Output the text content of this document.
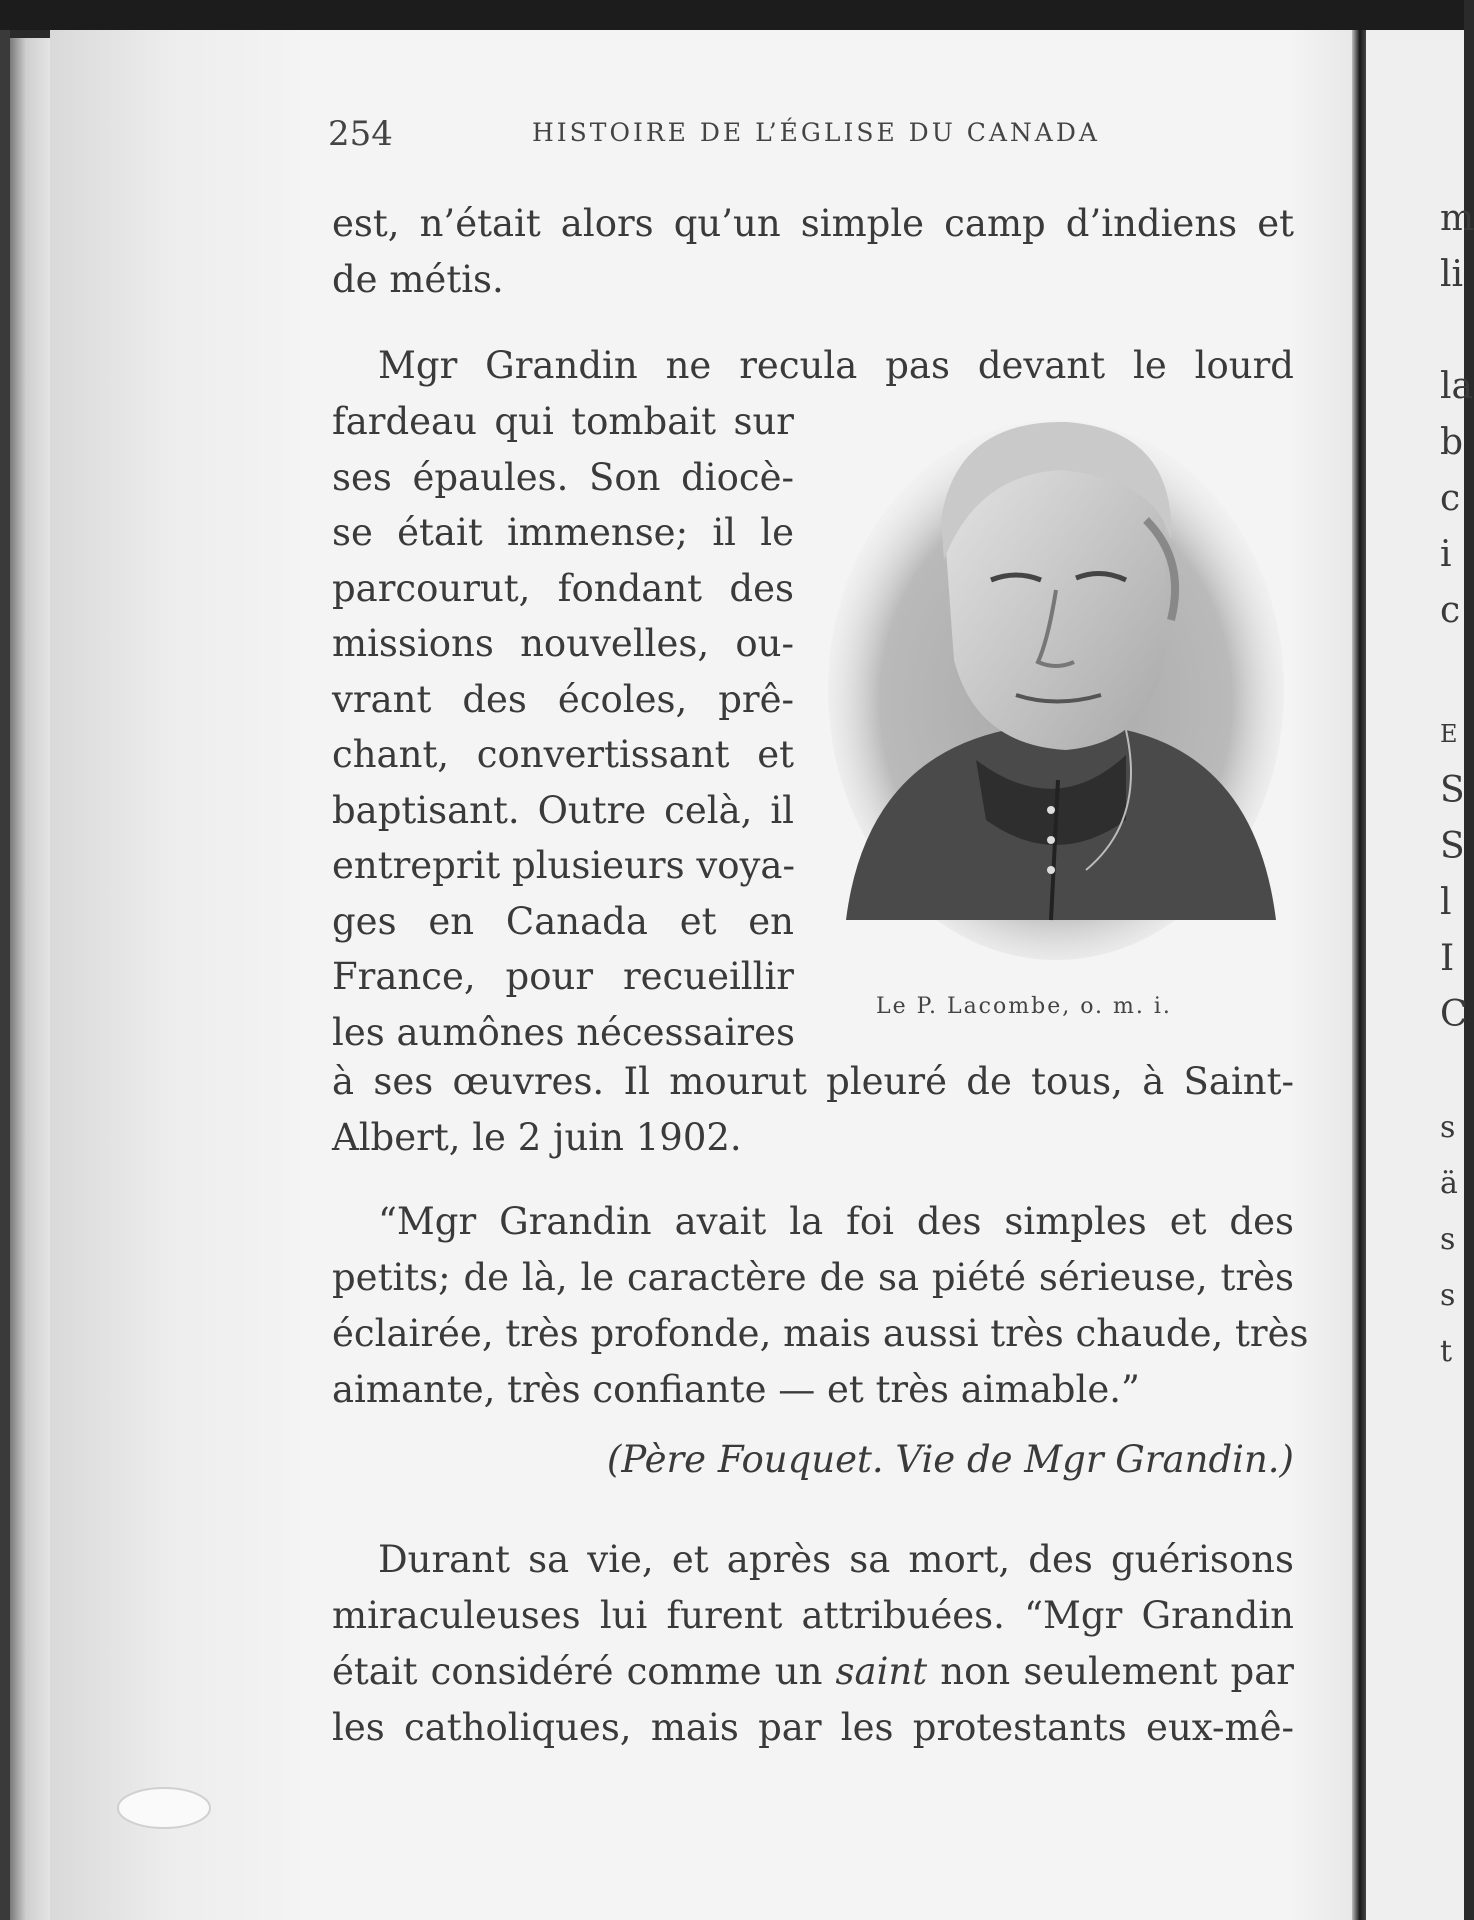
m
li
la
b
c
i
c
E
S
S
l
I
C
s
ä
s
s
t
254	HISTOIRE DE L’ÉGLISE DU CANADA
est, n’était alors qu’un simple camp d’indiens et
de métis.
Mgr Grandin ne recula pas devant le lourd
fardeau qui tombait sur
ses épaules. Son diocè-
se était immense; il le
parcourut, fondant des
missions nouvelles, ou-
vrant des écoles, prê-
chant, convertissant et
baptisant. Outre celà, il
entreprit plusieurs voya-
ges en Canada et en
France, pour recueillir
les aumônes nécessaires
Le P. Lacombe, o. m. i.
à ses œuvres. Il mourut pleuré de tous, à Saint-
Albert, le 2 juin 1902.
“Mgr Grandin avait la foi des simples et des
petits; de là, le caractère de sa piété sérieuse, très
éclairée, très profonde, mais aussi très chaude, très
aimante, très confiante — et très aimable.”
(Père Fouquet. Vie de Mgr Grandin.)
Durant sa vie, et après sa mort, des guérisons
miraculeuses lui furent attribuées. “Mgr Grandin
était considéré comme un saint non seulement par
les catholiques, mais par les protestants eux-mê-
